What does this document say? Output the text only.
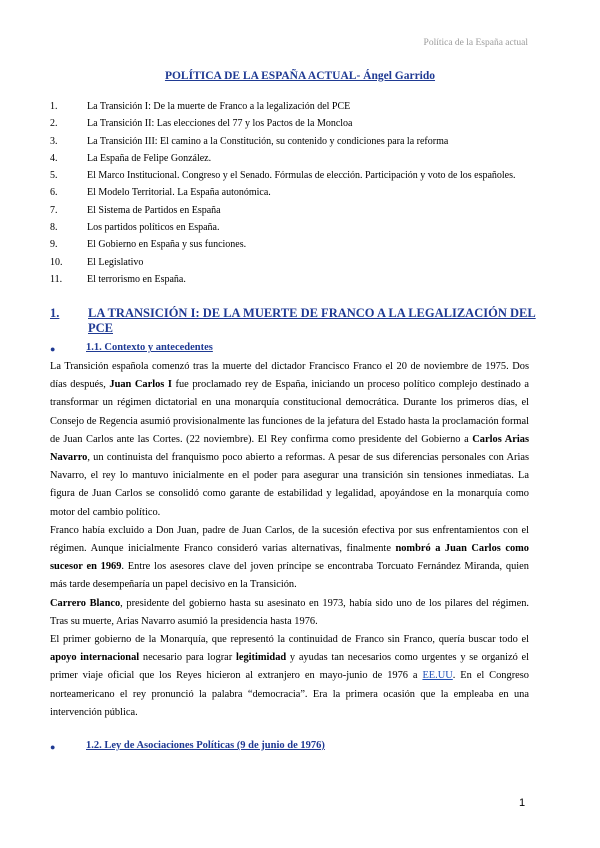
Política de la España actual
POLÍTICA DE LA ESPAÑA ACTUAL- Ángel Garrido
1.	La Transición I: De la muerte de Franco a la legalización del PCE
2.	La Transición II: Las elecciones del 77 y los Pactos de la Moncloa
3.	La Transición III: El camino a la Constitución, su contenido y condiciones para la reforma
4.	La España de Felipe González.
5.	El Marco Institucional. Congreso y el Senado. Fórmulas de elección. Participación y voto de los españoles.
6.	El Modelo Territorial. La España autonómica.
7.	El Sistema de Partidos en España
8.	Los partidos políticos en España.
9.	El Gobierno en España y sus funciones.
10.	El Legislativo
11.	El terrorismo en España.
1.	LA TRANSICIÓN I: DE LA MUERTE DE FRANCO A LA LEGALIZACIÓN DEL PCE
●	1.1. Contexto y antecedentes

La Transición española comenzó tras la muerte del dictador Francisco Franco el 20 de noviembre de 1975. Dos días después, Juan Carlos I fue proclamado rey de España, iniciando un proceso político complejo destinado a transformar un régimen dictatorial en una monarquía constitucional democrática. Durante los primeros días, el Consejo de Regencia asumió provisionalmente las funciones de la jefatura del Estado hasta la proclamación formal de Juan Carlos ante las Cortes. (22 noviembre). El Rey confirma como presidente del Gobierno a Carlos Arias Navarro, un continuista del franquismo poco abierto a reformas. A pesar de sus diferencias personales con Arias Navarro, el rey lo mantuvo inicialmente en el poder para asegurar una transición sin tensiones inmediatas. La figura de Juan Carlos se consolidó como garante de estabilidad y legalidad, apoyándose en la monarquía como motor del cambio político.

Franco había excluido a Don Juan, padre de Juan Carlos, de la sucesión efectiva por sus enfrentamientos con el régimen. Aunque inicialmente Franco consideró varias alternativas, finalmente nombró a Juan Carlos como sucesor en 1969. Entre los asesores clave del joven príncipe se encontraba Torcuato Fernández Miranda, quien más tarde desempeñaría un papel decisivo en la Transición.

Carrero Blanco, presidente del gobierno hasta su asesinato en 1973, había sido uno de los pilares del régimen. Tras su muerte, Arias Navarro asumió la presidencia hasta 1976.

El primer gobierno de la Monarquía, que representó la continuidad de Franco sin Franco, quería buscar todo el apoyo internacional necesario para lograr legitimidad y ayudas tan necesarios como urgentes y se organizó el primer viaje oficial que los Reyes hicieron al extranjero en mayo-junio de 1976 a EE.UU. En el Congreso norteamericano el rey pronunció la palabra “democracia”. Era la primera ocasión que la empleaba en una intervención pública.

●	1.2. Ley de Asociaciones Políticas (9 de junio de 1976)
1
